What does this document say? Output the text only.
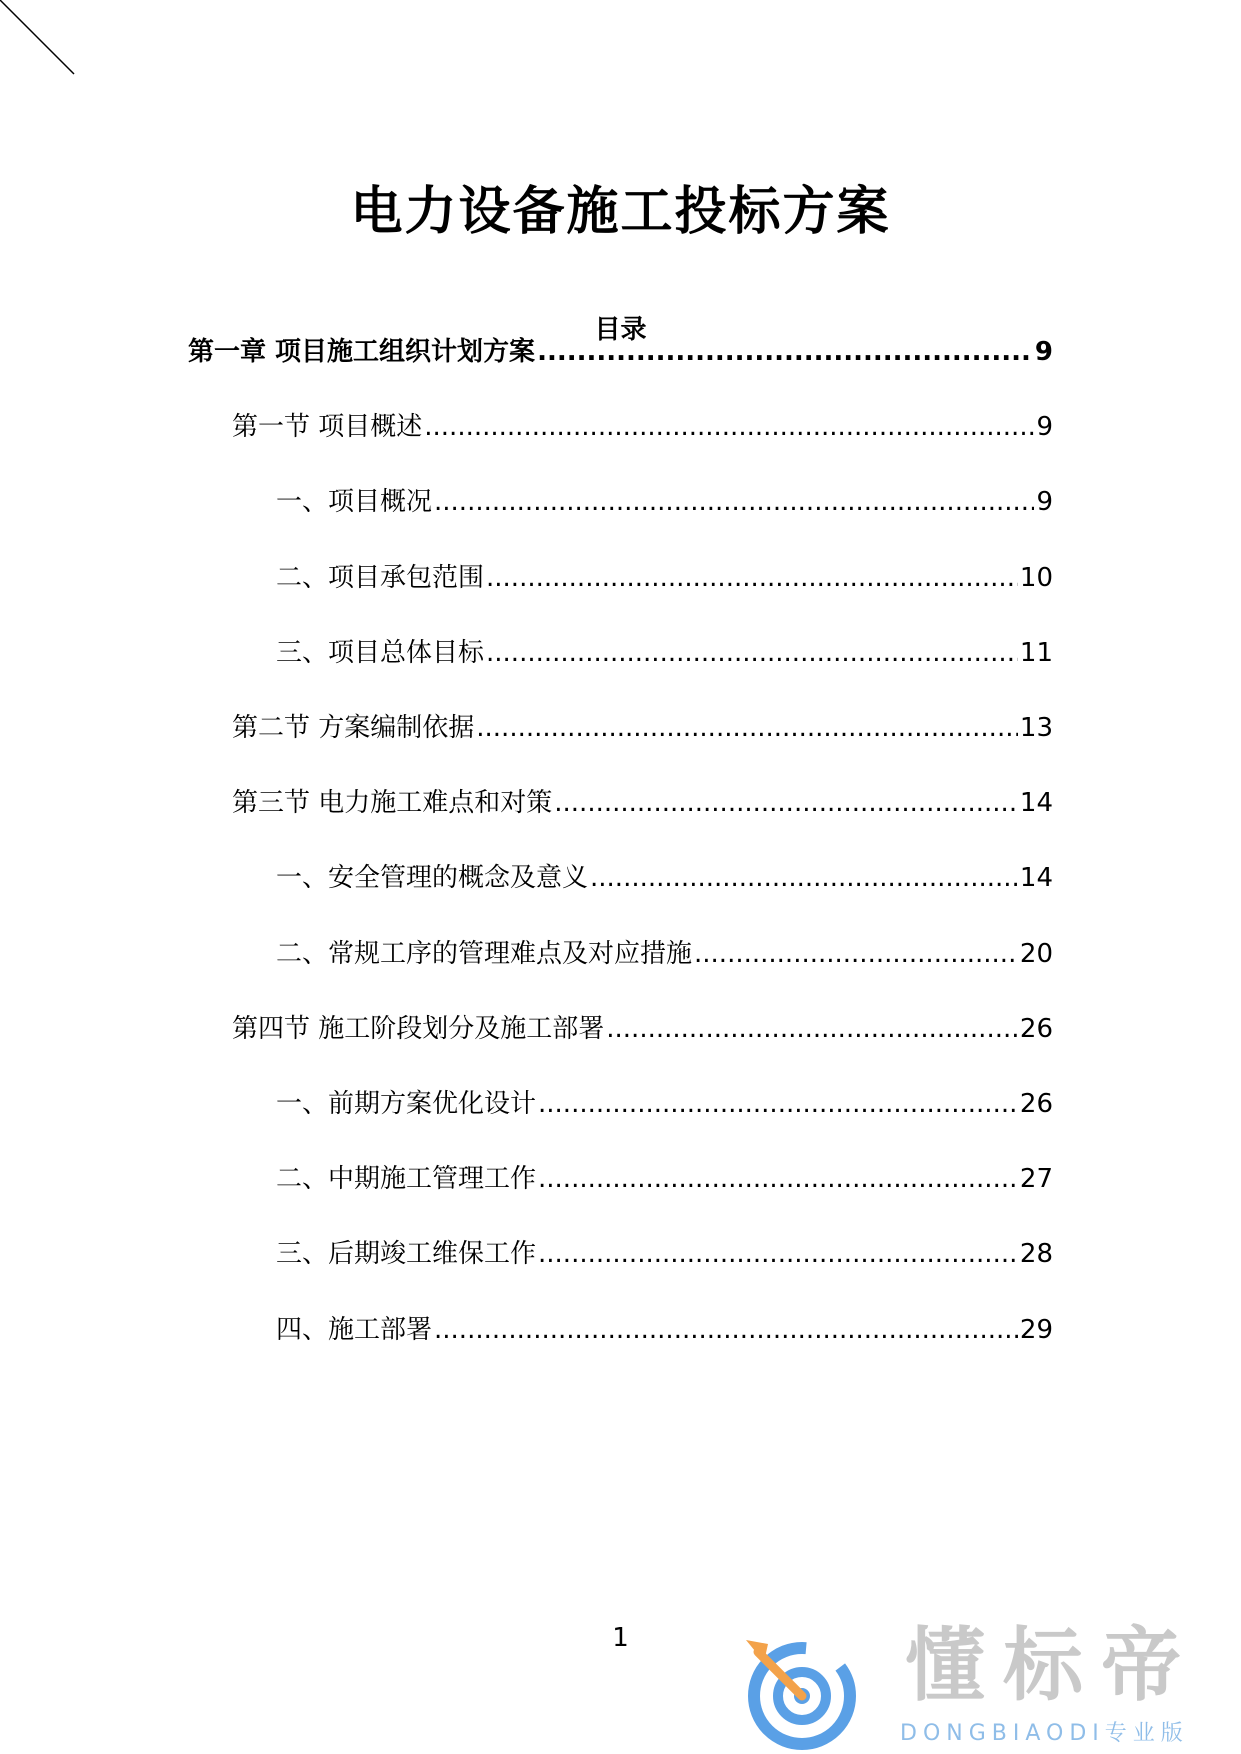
电力设备施工投标方案
目录
第一章 项目施工组织计划方案 .....	9
第一节 项目概述 .....	9
一、项目概况 .....	9
二、项目承包范围 .....	10
三、项目总体目标 .....	11
第二节 方案编制依据 .....	13
第三节 电力施工难点和对策 .....	14
一、安全管理的概念及意义 .....	14
二、常规工序的管理难点及对应措施 .....	20
第四节 施工阶段划分及施工部署 .....	26
一、前期方案优化设计 .....	26
二、中期施工管理工作 .....	27
三、后期竣工维保工作 .....	28
四、施工部署 .....	29
1	懂标帝
DONGBIAODI专业版
